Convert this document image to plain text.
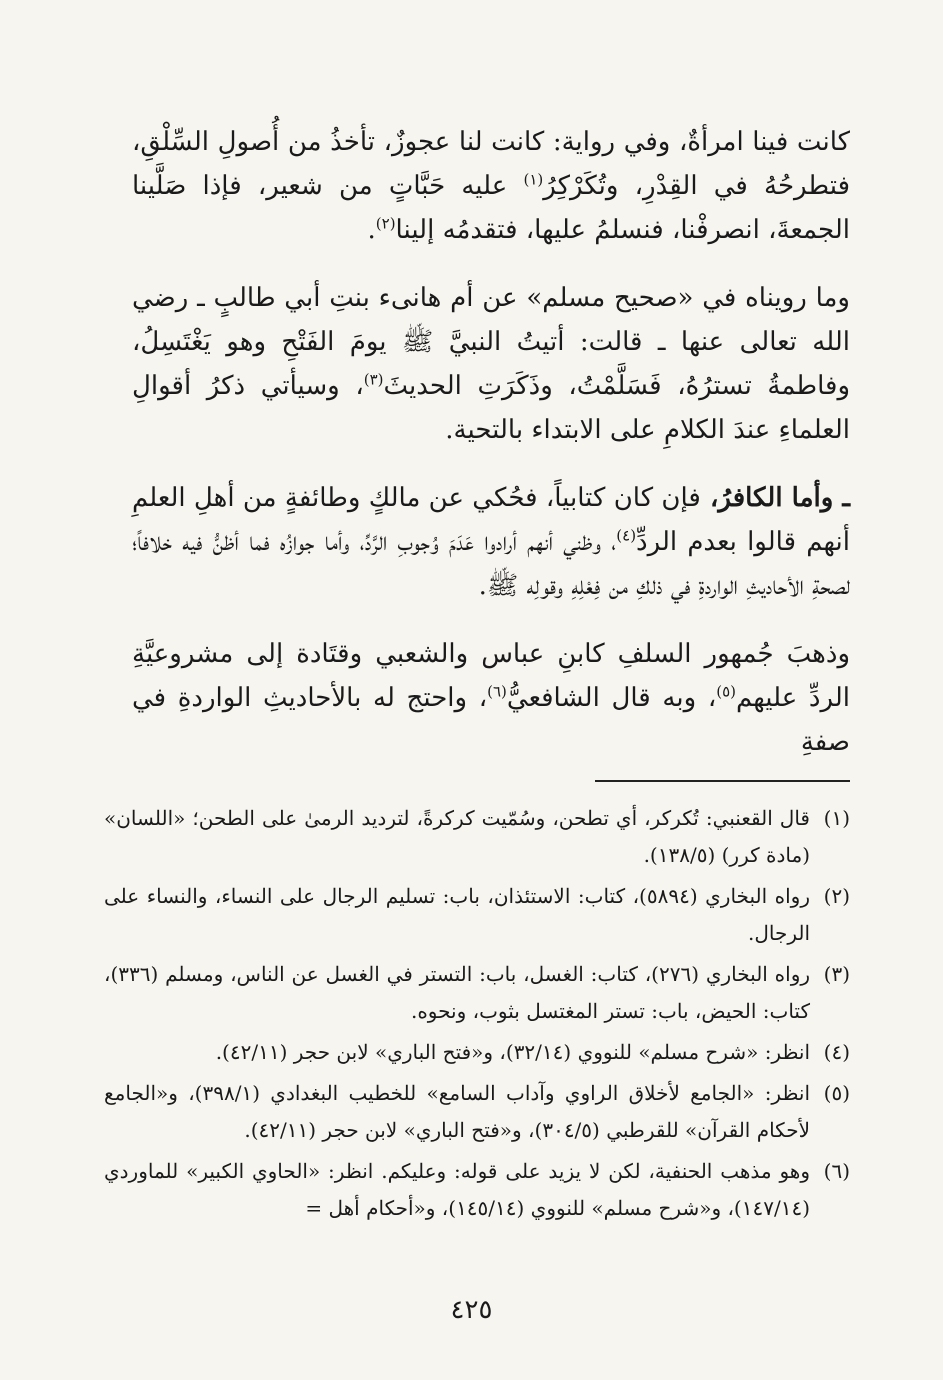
كانت فينا امرأةٌ، وفي رواية: كانت لنا عجوزٌ، تأخذُ من أُصولِ السِّلْقِ، فتطرحُهُ في القِدْرِ، وتُكَرْكِرُ$^{(١)}$ عليه حَبَّاتٍ من شعير، فإذا صَلَّينا الجمعةَ، انصرفْنا، فنسلمُ عليها، فتقدمُه إلينا$^{(٢)}$.

وما رويناه في «صحيح مسلم» عن أم هانىء بنتِ أبي طالبٍ ـ رضي الله تعالى عنها ـ قالت: أتيتُ النبيَّ ﷺ يومَ الفَتْحِ وهو يَغْتَسِلُ، وفاطمةُ تسترُهُ، فَسَلَّمْتُ، وذَكَرَتِ الحديثَ$^{(٣)}$، وسيأتي ذكرُ أقوالِ العلماءِ عندَ الكلامِ على الابتداء بالتحية.

ـ وأما الكافرُ، فإن كان كتابياً، فحُكي عن مالكٍ وطائفةٍ من أهلِ العلمِ أنهم قالوا بعدم الردِّ$^{(٤)}$، وظني أنهم أرادوا عَدَمَ وُجوبِ الرَّدِّ، وأما جوازُه فما أظنُّ فيه خلافاً؛ لصحةِ الأحاديثِ الواردةِ في ذلكِ من فِعْلِهِ وقولِه ﷺ.

وذهبَ جُمهور السلفِ كابنِ عباس والشعبي وقتَادة إلى مشروعيَّةِ الردِّ عليهم$^{(٥)}$، وبه قال الشافعيُّ$^{(٦)}$، واحتج له بالأحاديثِ الواردةِ في صفةِ

(١)
قال القعنبي: تُكركر، أي تطحن، وسُمّيت كركرةً، لترديد الرمىٰ على الطحن؛ «اللسان» (مادة كرر) (١٣٨/٥).
(٢)
رواه البخاري (٥٨٩٤)، كتاب: الاستئذان، باب: تسليم الرجال على النساء، والنساء على الرجال.
(٣)
رواه البخاري (٢٧٦)، كتاب: الغسل، باب: التستر في الغسل عن الناس، ومسلم (٣٣٦)، كتاب: الحيض، باب: تستر المغتسل بثوب، ونحوه.
(٤)
انظر: «شرح مسلم» للنووي (٣٢/١٤)، و«فتح الباري» لابن حجر (٤٢/١١).
(٥)
انظر: «الجامع لأخلاق الراوي وآداب السامع» للخطيب البغدادي (٣٩٨/١)، و«الجامع لأحكام القرآن» للقرطبي (٣٠٤/٥)، و«فتح الباري» لابن حجر (٤٢/١١).
(٦)
وهو مذهب الحنفية، لكن لا يزيد على قوله: وعليكم. انظر: «الحاوي الكبير» للماوردي (١٤٧/١٤)، و«شرح مسلم» للنووي (١٤٥/١٤)، و«أحكام أهل =
٤٢٥
